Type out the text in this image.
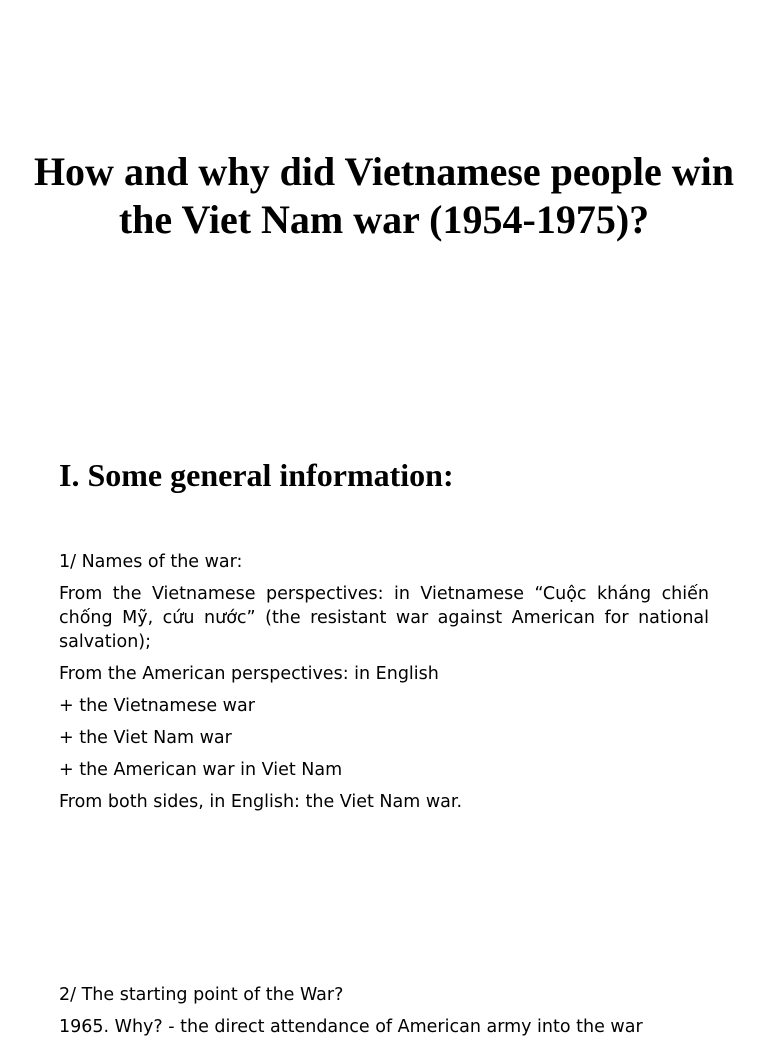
How and why did Vietnamese people win the Viet Nam war (1954-1975)?
I. Some general information:

1/ Names of the war:

From the Vietnamese perspectives: in Vietnamese “Cuộc kháng chiến chống Mỹ, cứu nước” (the resistant war against American for national salvation);

From the American perspectives: in English

+ the Vietnamese war

+ the Viet Nam war

+ the American war in Viet Nam

From both sides, in English: the Viet Nam war.

2/ The starting point of the War?

1965. Why? - the direct attendance of American army into the war
